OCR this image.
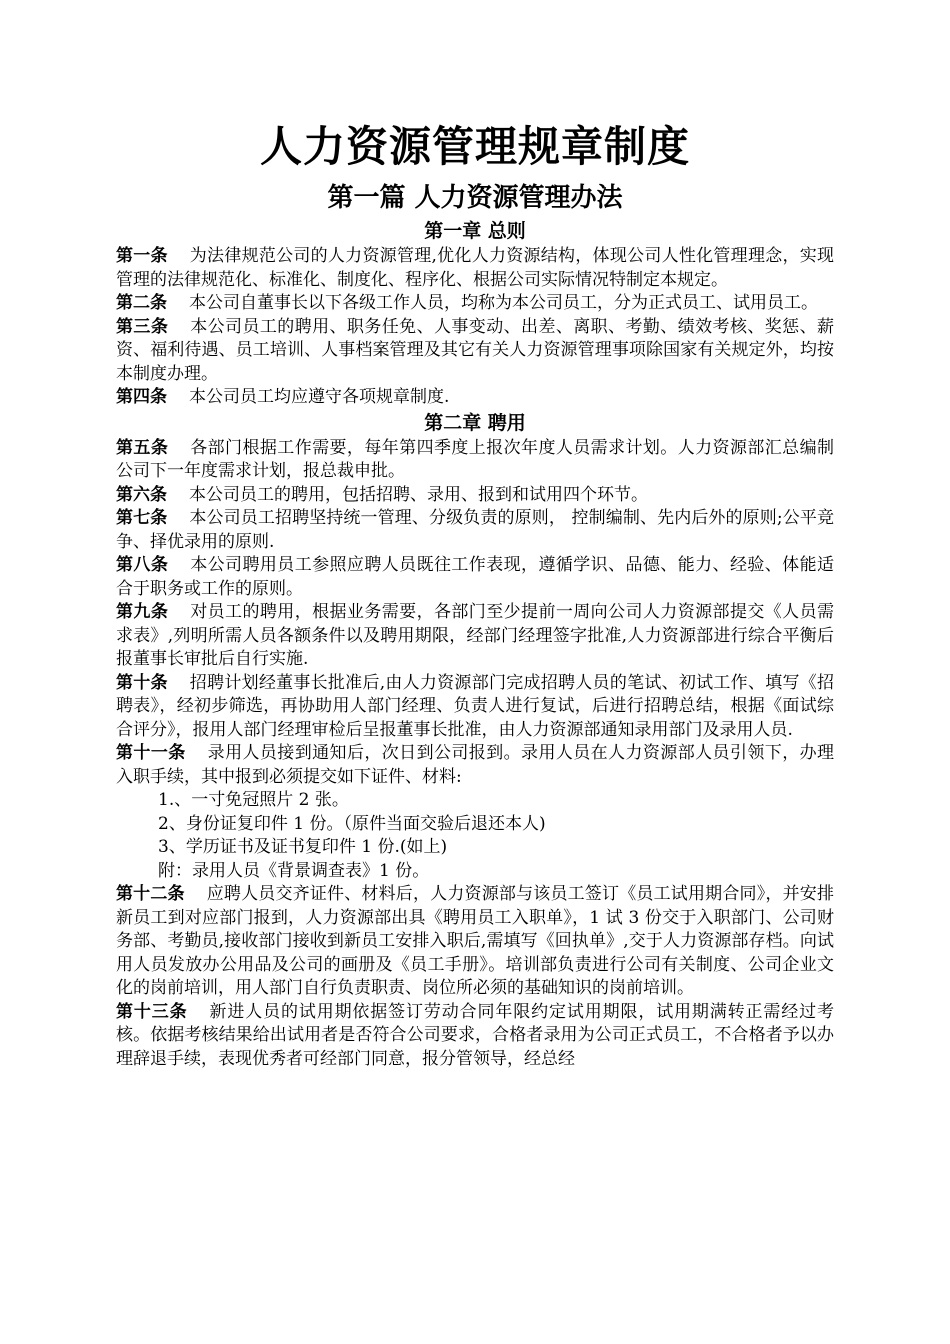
人力资源管理规章制度
第一篇 人力资源管理办法
第一章 总则

第一条 为法律规范公司的人力资源管理,优化人力资源结构，体现公司人性化管理理念，实现管理的法律规范化、标准化、制度化、程序化、根据公司实际情况特制定本规定。

第二条 本公司自董事长以下各级工作人员，均称为本公司员工，分为正式员工、试用员工。

第三条 本公司员工的聘用、职务任免、人事变动、出差、离职、考勤、绩效考核、奖惩、薪资、福利待遇、员工培训、人事档案管理及其它有关人力资源管理事项除国家有关规定外，均按本制度办理。

第四条 本公司员工均应遵守各项规章制度.

第二章 聘用

第五条 各部门根据工作需要，每年第四季度上报次年度人员需求计划。人力资源部汇总编制公司下一年度需求计划，报总裁申批。

第六条 本公司员工的聘用，包括招聘、录用、报到和试用四个环节。

第七条 本公司员工招聘坚持统一管理、分级负责的原则， 控制编制、先内后外的原则;公平竞争、择优录用的原则.

第八条 本公司聘用员工参照应聘人员既往工作表现，遵循学识、品德、能力、经验、体能适合于职务或工作的原则。

第九条 对员工的聘用，根据业务需要，各部门至少提前一周向公司人力资源部提交《人员需求表》,列明所需人员各额条件以及聘用期限，经部门经理签字批准,人力资源部进行综合平衡后报董事长审批后自行实施.

第十条 招聘计划经董事长批准后,由人力资源部门完成招聘人员的笔试、初试工作、填写《招聘表》，经初步筛选，再协助用人部门经理、负责人进行复试，后进行招聘总结，根据《面试综合评分》，报用人部门经理审检后呈报董事长批准，由人力资源部通知录用部门及录用人员.

第十一条 录用人员接到通知后，次日到公司报到。录用人员在人力资源部人员引领下，办理入职手续，其中报到必须提交如下证件、材料:

1.、一寸免冠照片 2 张。

2、身份证复印件 1 份。（原件当面交验后退还本人)

3、学历证书及证书复印件 1 份.(如上)

附：录用人员《背景调查表》1 份。

第十二条 应聘人员交齐证件、材料后，人力资源部与该员工签订《员工试用期合同》，并安排新员工到对应部门报到，人力资源部出具《聘用员工入职单》，1 试 3 份交于入职部门、公司财务部、考勤员,接收部门接收到新员工安排入职后,需填写《回执单》,交于人力资源部存档。向试用人员发放办公用品及公司的画册及《员工手册》。培训部负责进行公司有关制度、公司企业文化的岗前培训，用人部门自行负责职责、岗位所必须的基础知识的岗前培训。

第十三条 新进人员的试用期依据签订劳动合同年限约定试用期限，试用期满转正需经过考核。依据考核结果给出试用者是否符合公司要求，合格者录用为公司正式员工，不合格者予以办理辞退手续，表现优秀者可经部门同意，报分管领导，经总经
